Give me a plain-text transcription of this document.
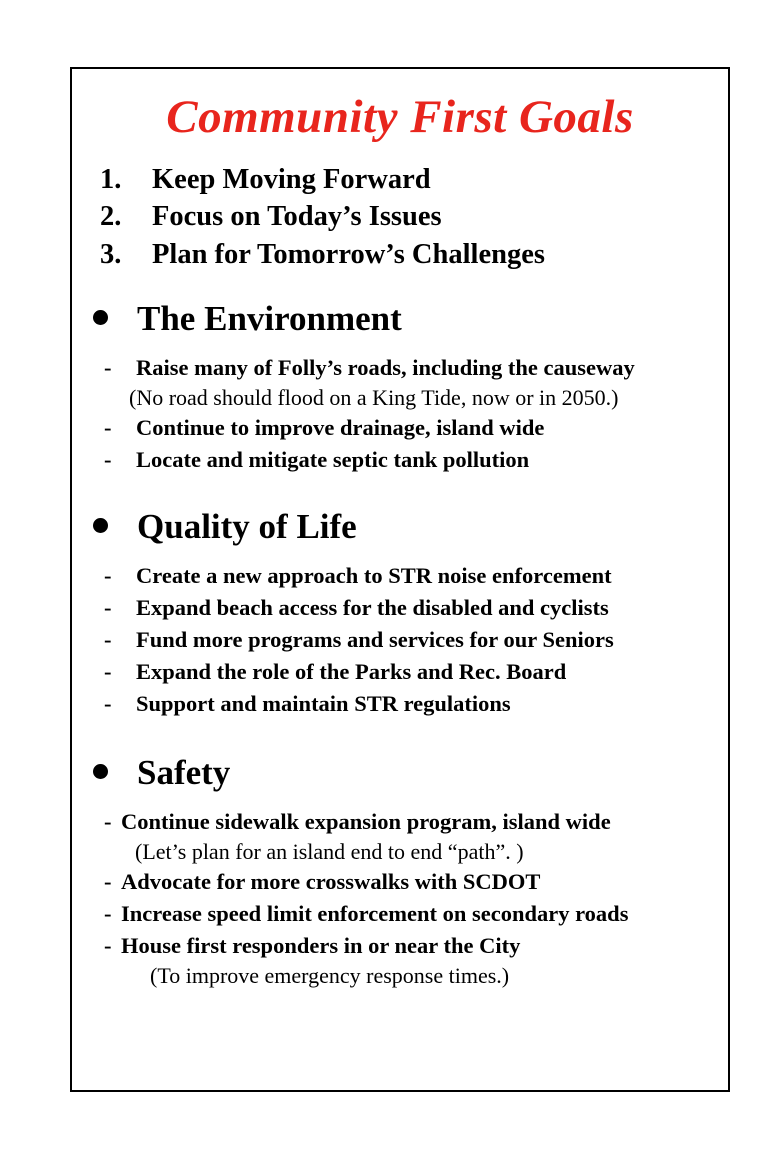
Community First Goals
1.	Keep Moving Forward
2.	Focus on Today’s Issues
3.	Plan for Tomorrow’s Challenges
The Environment
-	Raise many of Folly’s roads, including the causeway
(No road should flood on a King Tide, now or in 2050.)
-	Continue to improve drainage, island wide
-	Locate and mitigate septic tank pollution
Quality of Life
-	Create a new approach to STR noise enforcement
-	Expand beach access for the disabled and cyclists
-	Fund more programs and services for our Seniors
-	Expand the role of the Parks and Rec. Board
-	Support and maintain STR regulations
Safety
- Continue sidewalk expansion program, island wide
(Let’s plan for an island end to end “path”. )
- Advocate for more crosswalks with SCDOT
- Increase speed limit enforcement on secondary roads
- House first responders in or near the City
(To improve emergency response times.)
